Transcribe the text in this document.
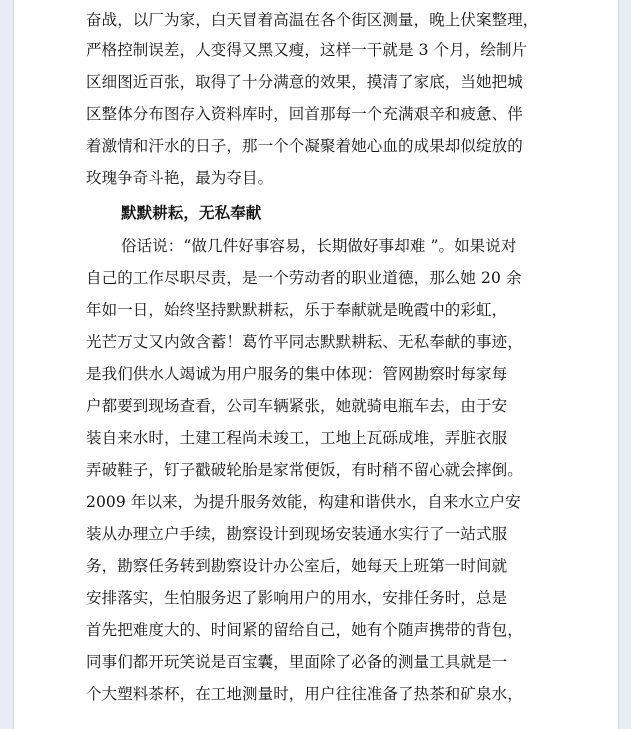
奋战，以厂为家，白天冒着高温在各个街区测量，晚上伏案整理，
严格控制误差，人变得又黑又瘦，这样一干就是 3 个月，绘制片
区细图近百张，取得了十分满意的效果，摸清了家底，当她把城
区整体分布图存入资料库时，回首那每一个充满艰辛和疲惫、伴
着激情和汗水的日子，那一个个凝聚着她心血的成果却似绽放的
玫瑰争奇斗艳，最为夺目。
默默耕耘，无私奉献
俗话说：“做几件好事容易，长期做好事却难 ”。如果说对
自己的工作尽职尽责，是一个劳动者的职业道德，那么她 20 余
年如一日，始终坚持默默耕耘，乐于奉献就是晚霞中的彩虹，
光芒万丈又内敛含蓄！葛竹平同志默默耕耘、无私奉献的事迹，
是我们供水人竭诚为用户服务的集中体现：管网勘察时每家每
户都要到现场查看，公司车辆紧张，她就骑电瓶车去，由于安
装自来水时，土建工程尚未竣工，工地上瓦砾成堆，弄脏衣服
弄破鞋子，钉子戳破轮胎是家常便饭，有时稍不留心就会摔倒。
2009 年以来，为提升服务效能，构建和谐供水，自来水立户安
装从办理立户手续，勘察设计到现场安装通水实行了一站式服
务，勘察任务转到勘察设计办公室后，她每天上班第一时间就
安排落实，生怕服务迟了影响用户的用水，安排任务时，总是
首先把难度大的、时间紧的留给自己，她有个随声携带的背包，
同事们都开玩笑说是百宝囊，里面除了必备的测量工具就是一
个大塑料茶杯，在工地测量时，用户往往准备了热茶和矿泉水，
